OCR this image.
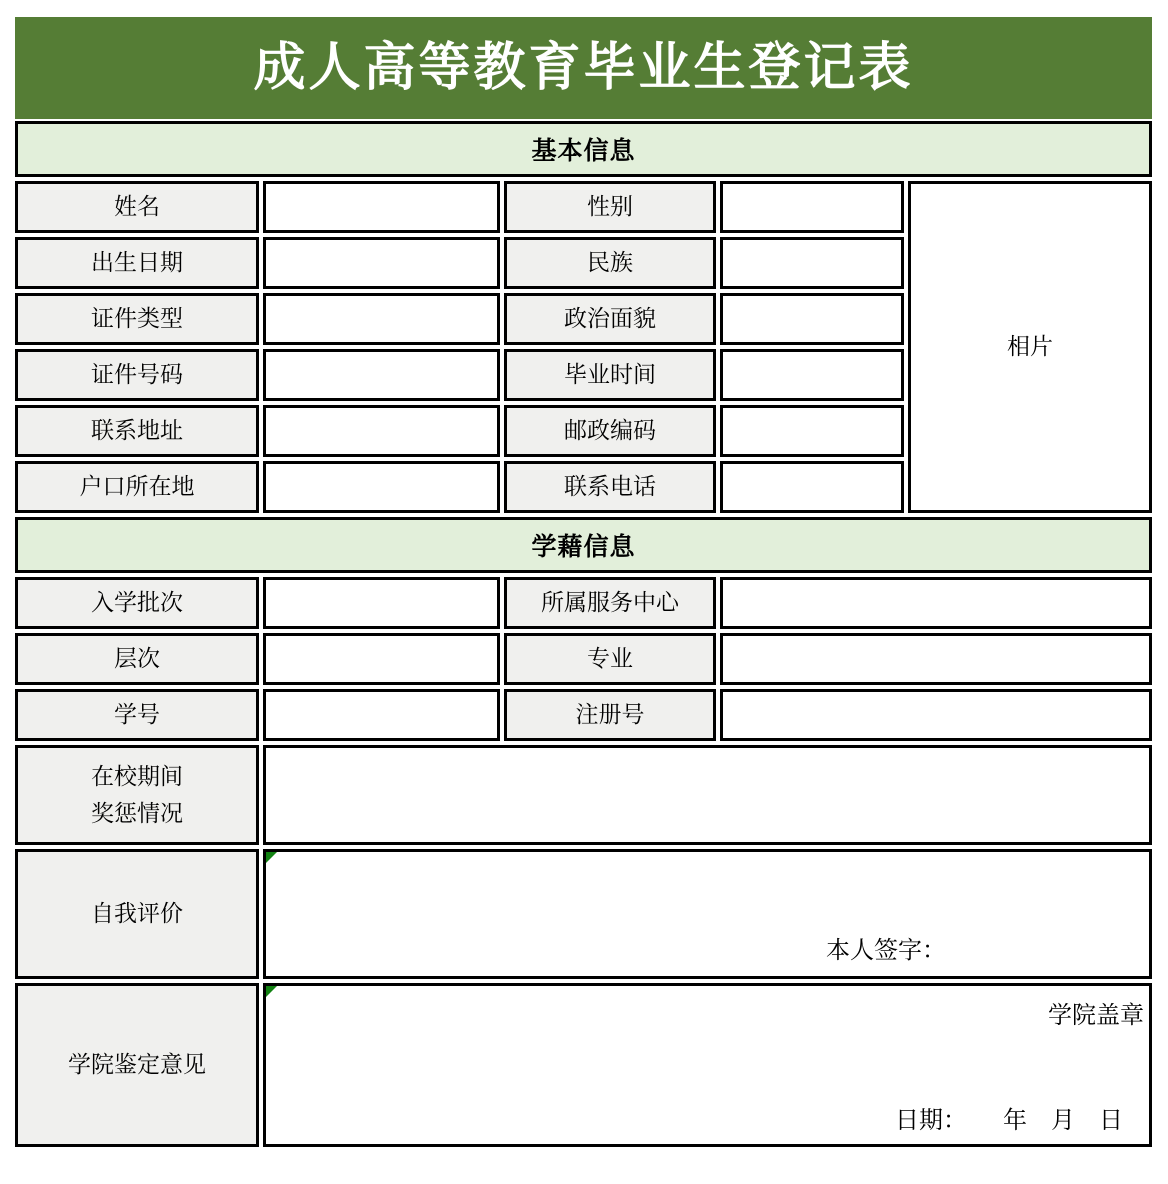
成人高等教育毕业生登记表
基本信息
姓名	性别
相片
出生日期	民族
证件类型	政治面貌
证件号码	毕业时间
联系地址	邮政编码
户口所在地	联系电话
学藉信息
入学批次	所属服务中心
层次	专业
学号	注册号
在校期间
奖惩情况
自我评价
本人签字：
学院鉴定意见
学院盖章
日期：　　年　月　日
